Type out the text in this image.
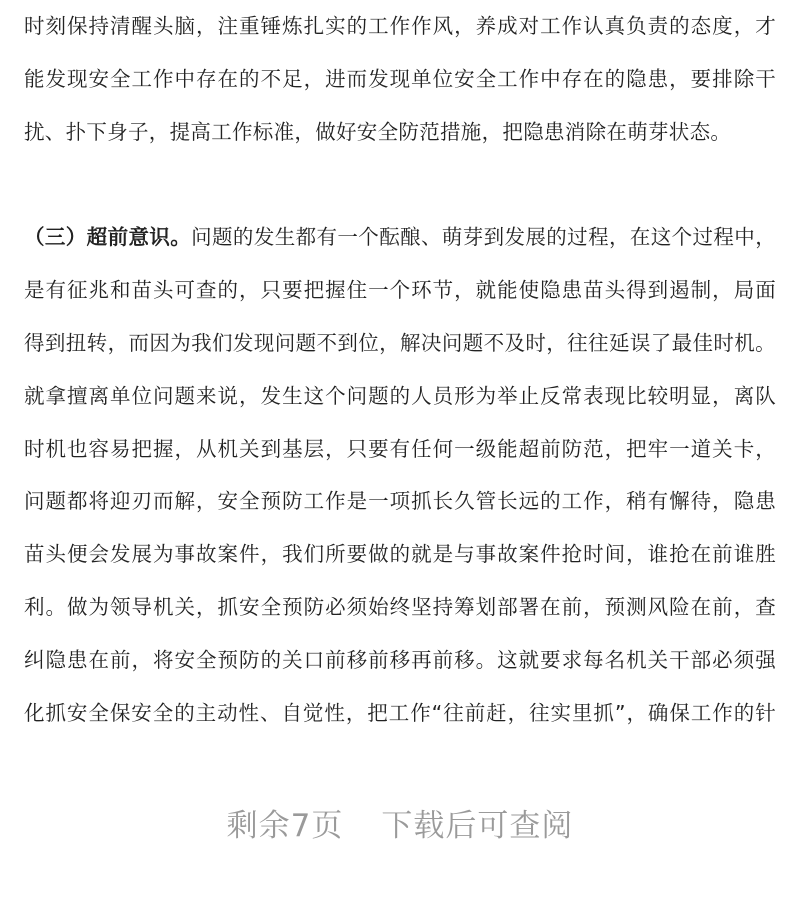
时刻保持清醒头脑，注重锤炼扎实的工作作风，养成对工作认真负责的态度，才
能发现安全工作中存在的不足，进而发现单位安全工作中存在的隐患，要排除干
扰、扑下身子，提高工作标准，做好安全防范措施，把隐患消除在萌芽状态。
（三）超前意识。问题的发生都有一个酝酿、萌芽到发展的过程，在这个过程中，
是有征兆和苗头可查的，只要把握住一个环节，就能使隐患苗头得到遏制，局面
得到扭转，而因为我们发现问题不到位，解决问题不及时，往往延误了最佳时机。
就拿擅离单位问题来说，发生这个问题的人员形为举止反常表现比较明显，离队
时机也容易把握，从机关到基层，只要有任何一级能超前防范，把牢一道关卡，
问题都将迎刃而解，安全预防工作是一项抓长久管长远的工作，稍有懈待，隐患
苗头便会发展为事故案件，我们所要做的就是与事故案件抢时间，谁抢在前谁胜
利。做为领导机关，抓安全预防必须始终坚持筹划部署在前，预测风险在前，查
纠隐患在前，将安全预防的关口前移前移再前移。这就要求每名机关干部必须强
化抓安全保安全的主动性、自觉性，把工作“往前赶，往实里抓”，确保工作的针
剩余7页 下载后可查阅
